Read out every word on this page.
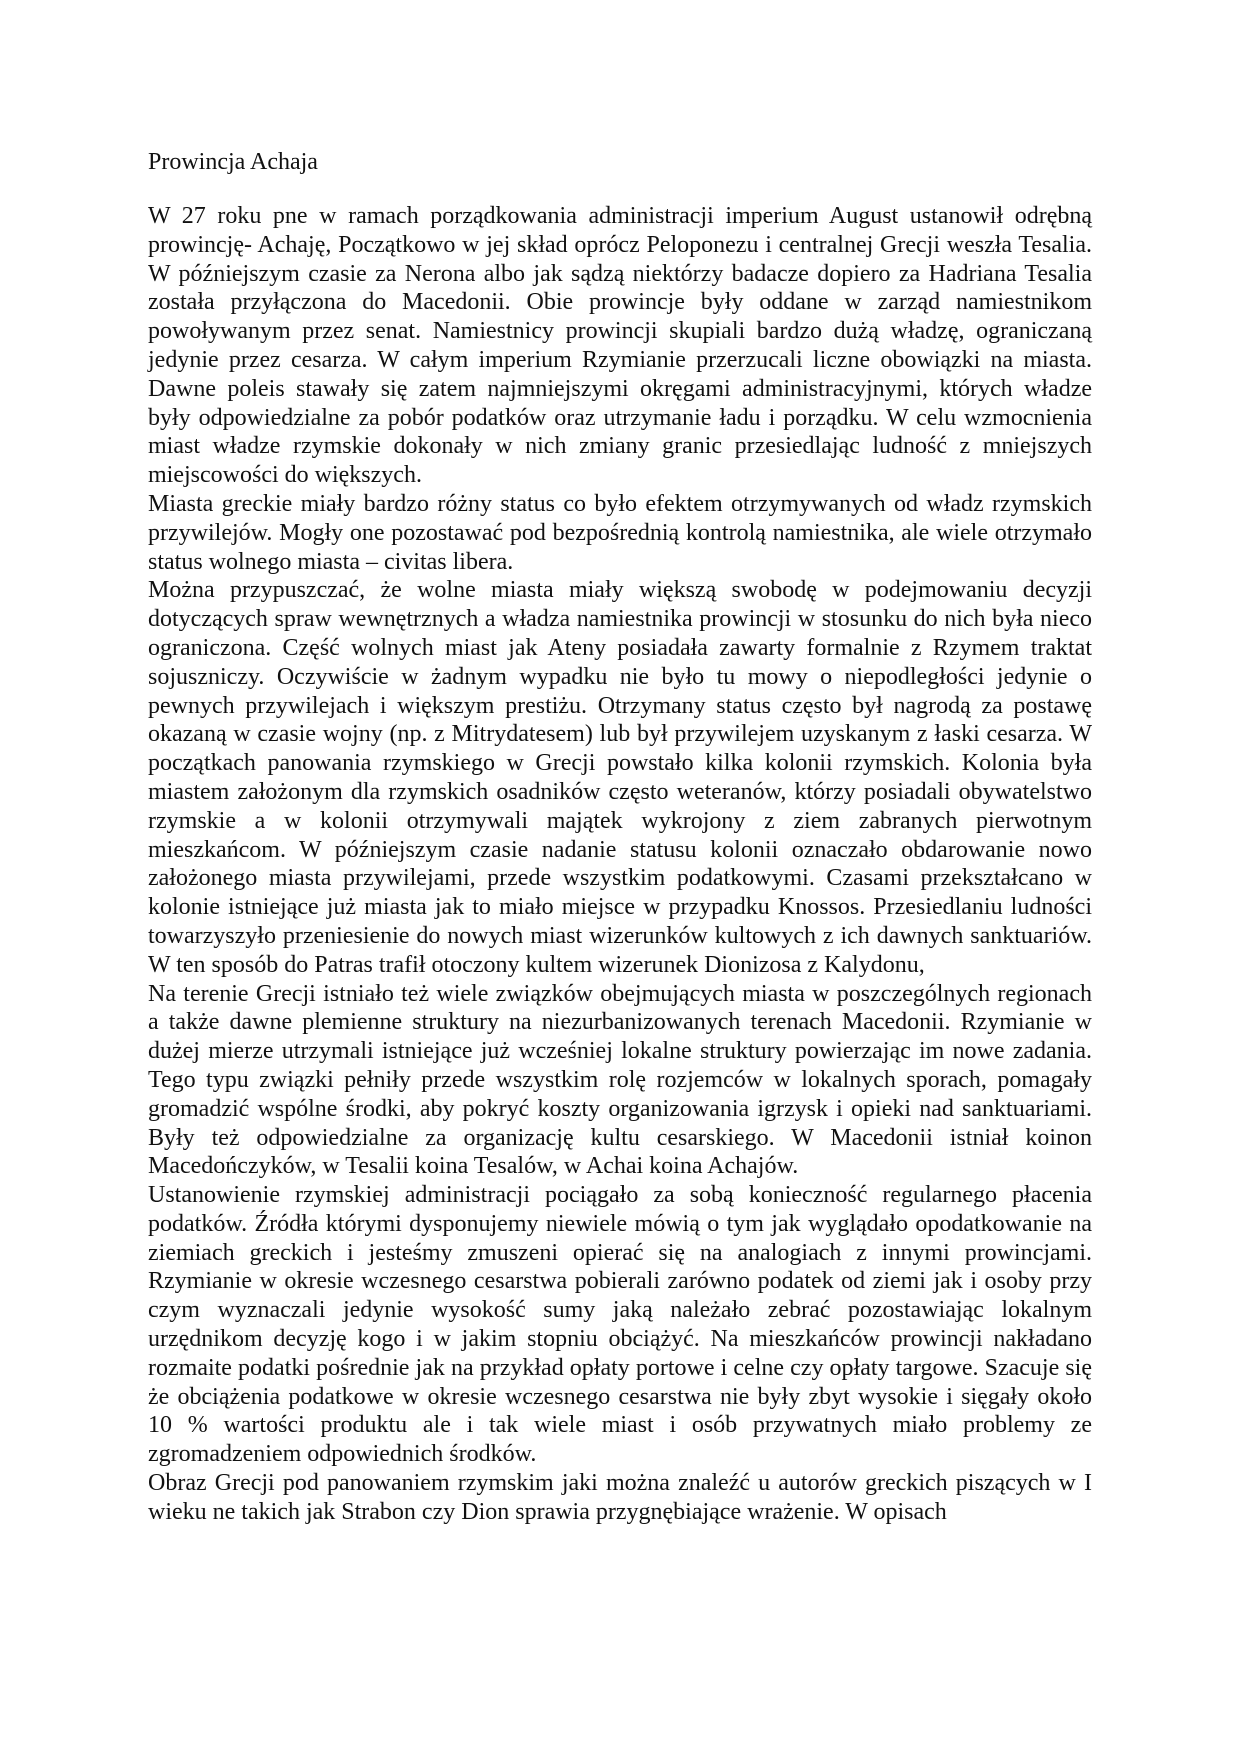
Prowincja Achaja

W 27 roku pne w ramach porządkowania administracji imperium August ustanowił odrębną prowincję- Achaję, Początkowo w jej skład oprócz Peloponezu i centralnej Grecji weszła Tesalia. W późniejszym czasie za Nerona albo jak sądzą niektórzy badacze dopiero za Hadriana Tesalia została przyłączona do Macedonii. Obie prowincje były oddane w zarząd namiestnikom powoływanym przez senat. Namiestnicy prowincji skupiali bardzo dużą władzę, ograniczaną jedynie przez cesarza. W całym imperium Rzymianie przerzucali liczne obowiązki na miasta. Dawne poleis stawały się zatem najmniejszymi okręgami administracyjnymi, których władze były odpowiedzialne za pobór podatków oraz utrzymanie ładu i porządku. W celu wzmocnienia miast władze rzymskie dokonały w nich zmiany granic przesiedlając ludność z mniejszych miejscowości do większych.

Miasta greckie miały bardzo różny status co było efektem otrzymywanych od władz rzymskich przywilejów. Mogły one pozostawać pod bezpośrednią kontrolą namiestnika, ale wiele otrzymało status wolnego miasta – civitas libera.

Można przypuszczać, że wolne miasta miały większą swobodę w podejmowaniu decyzji dotyczących spraw wewnętrznych a władza namiestnika prowincji w stosunku do nich była nieco ograniczona. Część wolnych miast jak Ateny posiadała zawarty formalnie z Rzymem traktat sojuszniczy. Oczywiście w żadnym wypadku nie było tu mowy o niepodległości jedynie o pewnych przywilejach i większym prestiżu. Otrzymany status często był nagrodą za postawę okazaną w czasie wojny (np. z Mitrydatesem) lub był przywilejem uzyskanym z łaski cesarza. W początkach panowania rzymskiego w Grecji powstało kilka kolonii rzymskich. Kolonia była miastem założonym dla rzymskich osadników często weteranów, którzy posiadali obywatelstwo rzymskie a w kolonii otrzymywali majątek wykrojony z ziem zabranych pierwotnym mieszkańcom. W późniejszym czasie nadanie statusu kolonii oznaczało obdarowanie nowo założonego miasta przywilejami, przede wszystkim podatkowymi. Czasami przekształcano w kolonie istniejące już miasta jak to miało miejsce w przypadku Knossos. Przesiedlaniu ludności towarzyszyło przeniesienie do nowych miast wizerunków kultowych z ich dawnych sanktuariów. W ten sposób do Patras trafił otoczony kultem wizerunek Dionizosa z Kalydonu,

Na terenie Grecji istniało też wiele związków obejmujących miasta w poszczególnych regionach a także dawne plemienne struktury na niezurbanizowanych terenach Macedonii. Rzymianie w dużej mierze utrzymali istniejące już wcześniej lokalne struktury powierzając im nowe zadania. Tego typu związki pełniły przede wszystkim rolę rozjemców w lokalnych sporach, pomagały gromadzić wspólne środki, aby pokryć koszty organizowania igrzysk i opieki nad sanktuariami. Były też odpowiedzialne za organizację kultu cesarskiego. W Macedonii istniał koinon Macedończyków, w Tesalii koina Tesalów, w Achai koina Achajów.

Ustanowienie rzymskiej administracji pociągało za sobą konieczność regularnego płacenia podatków. Źródła którymi dysponujemy niewiele mówią o tym jak wyglądało opodatkowanie na ziemiach greckich i jesteśmy zmuszeni opierać się na analogiach z innymi prowincjami. Rzymianie w okresie wczesnego cesarstwa pobierali zarówno podatek od ziemi jak i osoby przy czym wyznaczali jedynie wysokość sumy jaką należało zebrać pozostawiając lokalnym urzędnikom decyzję kogo i w jakim stopniu obciążyć. Na mieszkańców prowincji nakładano rozmaite podatki pośrednie jak na przykład opłaty portowe i celne czy opłaty targowe. Szacuje się że obciążenia podatkowe w okresie wczesnego cesarstwa nie były zbyt wysokie i sięgały około 10 % wartości produktu ale i tak wiele miast i osób przywatnych miało problemy ze zgromadzeniem odpowiednich środków.

Obraz Grecji pod panowaniem rzymskim jaki można znaleźć u autorów greckich piszących w I wieku ne takich jak Strabon czy Dion sprawia przygnębiające wrażenie. W opisach
